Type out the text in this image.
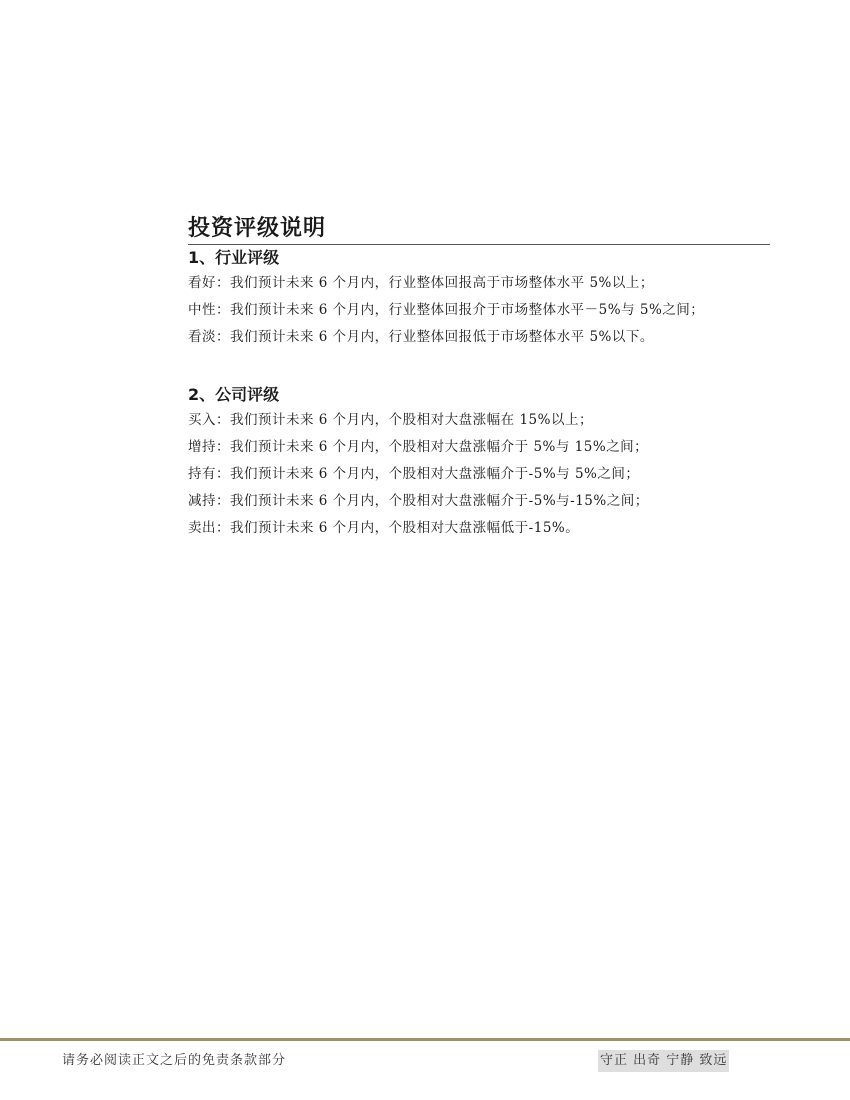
投资评级说明
1、行业评级
看好 ： 我们预计未来 6 个月内，行业整体回报高于市场整体水平 5%以上；
中性 ： 我们预计未来 6 个月内，行业整体回报介于市场整体水平－5%与 5%之间；
看淡 ： 我们预计未来 6 个月内，行业整体回报低于市场整体水平 5%以下。
2、公司评级
买入 ： 我们预计未来 6 个月内，个股相对大盘涨幅在 15%以上；
增持 ： 我们预计未来 6 个月内，个股相对大盘涨幅介于 5%与 15%之间；
持有 ： 我们预计未来 6 个月内，个股相对大盘涨幅介于-5%与 5%之间；
减持 ： 我们预计未来 6 个月内，个股相对大盘涨幅介于-5%与-15%之间；
卖出 ： 我们预计未来 6 个月内，个股相对大盘涨幅低于-15%。
请务必阅读正文之后的免责条款部分	守正 出奇 宁静 致远
